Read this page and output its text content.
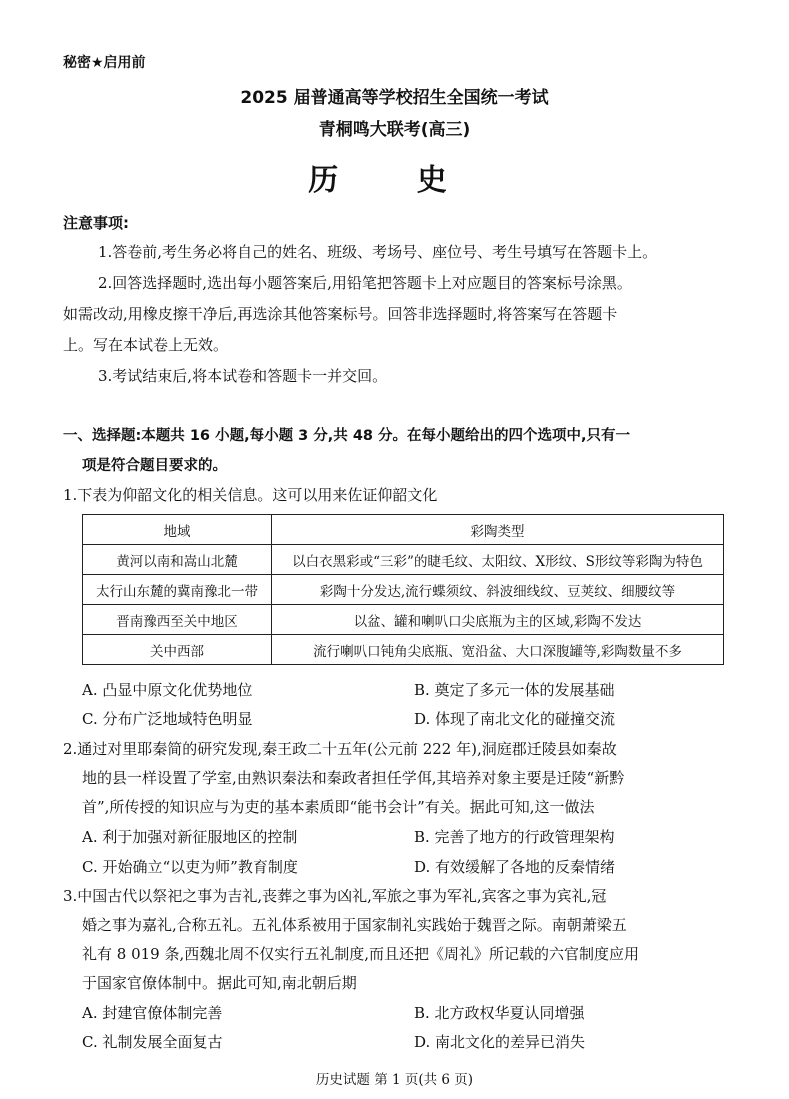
秘密★启用前
2025 届普通高等学校招生全国统一考试
青桐鸣大联考(高三)
历 史
注意事项:
1.答卷前,考生务必将自己的姓名、班级、考场号、座位号、考生号填写在答题卡上。
2.回答选择题时,选出每小题答案后,用铅笔把答题卡上对应题目的答案标号涂黑。
如需改动,用橡皮擦干净后,再选涂其他答案标号。回答非选择题时,将答案写在答题卡
上。写在本试卷上无效。
3.考试结束后,将本试卷和答题卡一并交回。
一、选择题:本题共 16 小题,每小题 3 分,共 48 分。在每小题给出的四个选项中,只有一
项是符合题目要求的。
1.下表为仰韶文化的相关信息。这可以用来佐证仰韶文化
地域	彩陶类型
黄河以南和嵩山北麓	以白衣黑彩或“三彩”的睫毛纹、太阳纹、X形纹、S形纹等彩陶为特色
太行山东麓的冀南豫北一带	彩陶十分发达,流行蝶须纹、斜波细线纹、豆荚纹、细腰纹等
晋南豫西至关中地区	以盆、罐和喇叭口尖底瓶为主的区域,彩陶不发达
关中西部	流行喇叭口钝角尖底瓶、宽沿盆、大口深腹罐等,彩陶数量不多
A. 凸显中原文化优势地位	B. 奠定了多元一体的发展基础
C. 分布广泛地域特色明显	D. 体现了南北文化的碰撞交流
2.通过对里耶秦简的研究发现,秦王政二十五年(公元前 222 年),洞庭郡迁陵县如秦故
地的县一样设置了学室,由熟识秦法和秦政者担任学佴,其培养对象主要是迁陵“新黔
首”,所传授的知识应与为吏的基本素质即“能书会计”有关。据此可知,这一做法
A. 利于加强对新征服地区的控制	B. 完善了地方的行政管理架构
C. 开始确立“以吏为师”教育制度	D. 有效缓解了各地的反秦情绪
3.中国古代以祭祀之事为吉礼,丧葬之事为凶礼,军旅之事为军礼,宾客之事为宾礼,冠
婚之事为嘉礼,合称五礼。五礼体系被用于国家制礼实践始于魏晋之际。南朝萧梁五
礼有 8 019 条,西魏北周不仅实行五礼制度,而且还把《周礼》所记载的六官制度应用
于国家官僚体制中。据此可知,南北朝后期
A. 封建官僚体制完善	B. 北方政权华夏认同增强
C. 礼制发展全面复古	D. 南北文化的差异已消失
历史试题 第 1 页(共 6 页)
